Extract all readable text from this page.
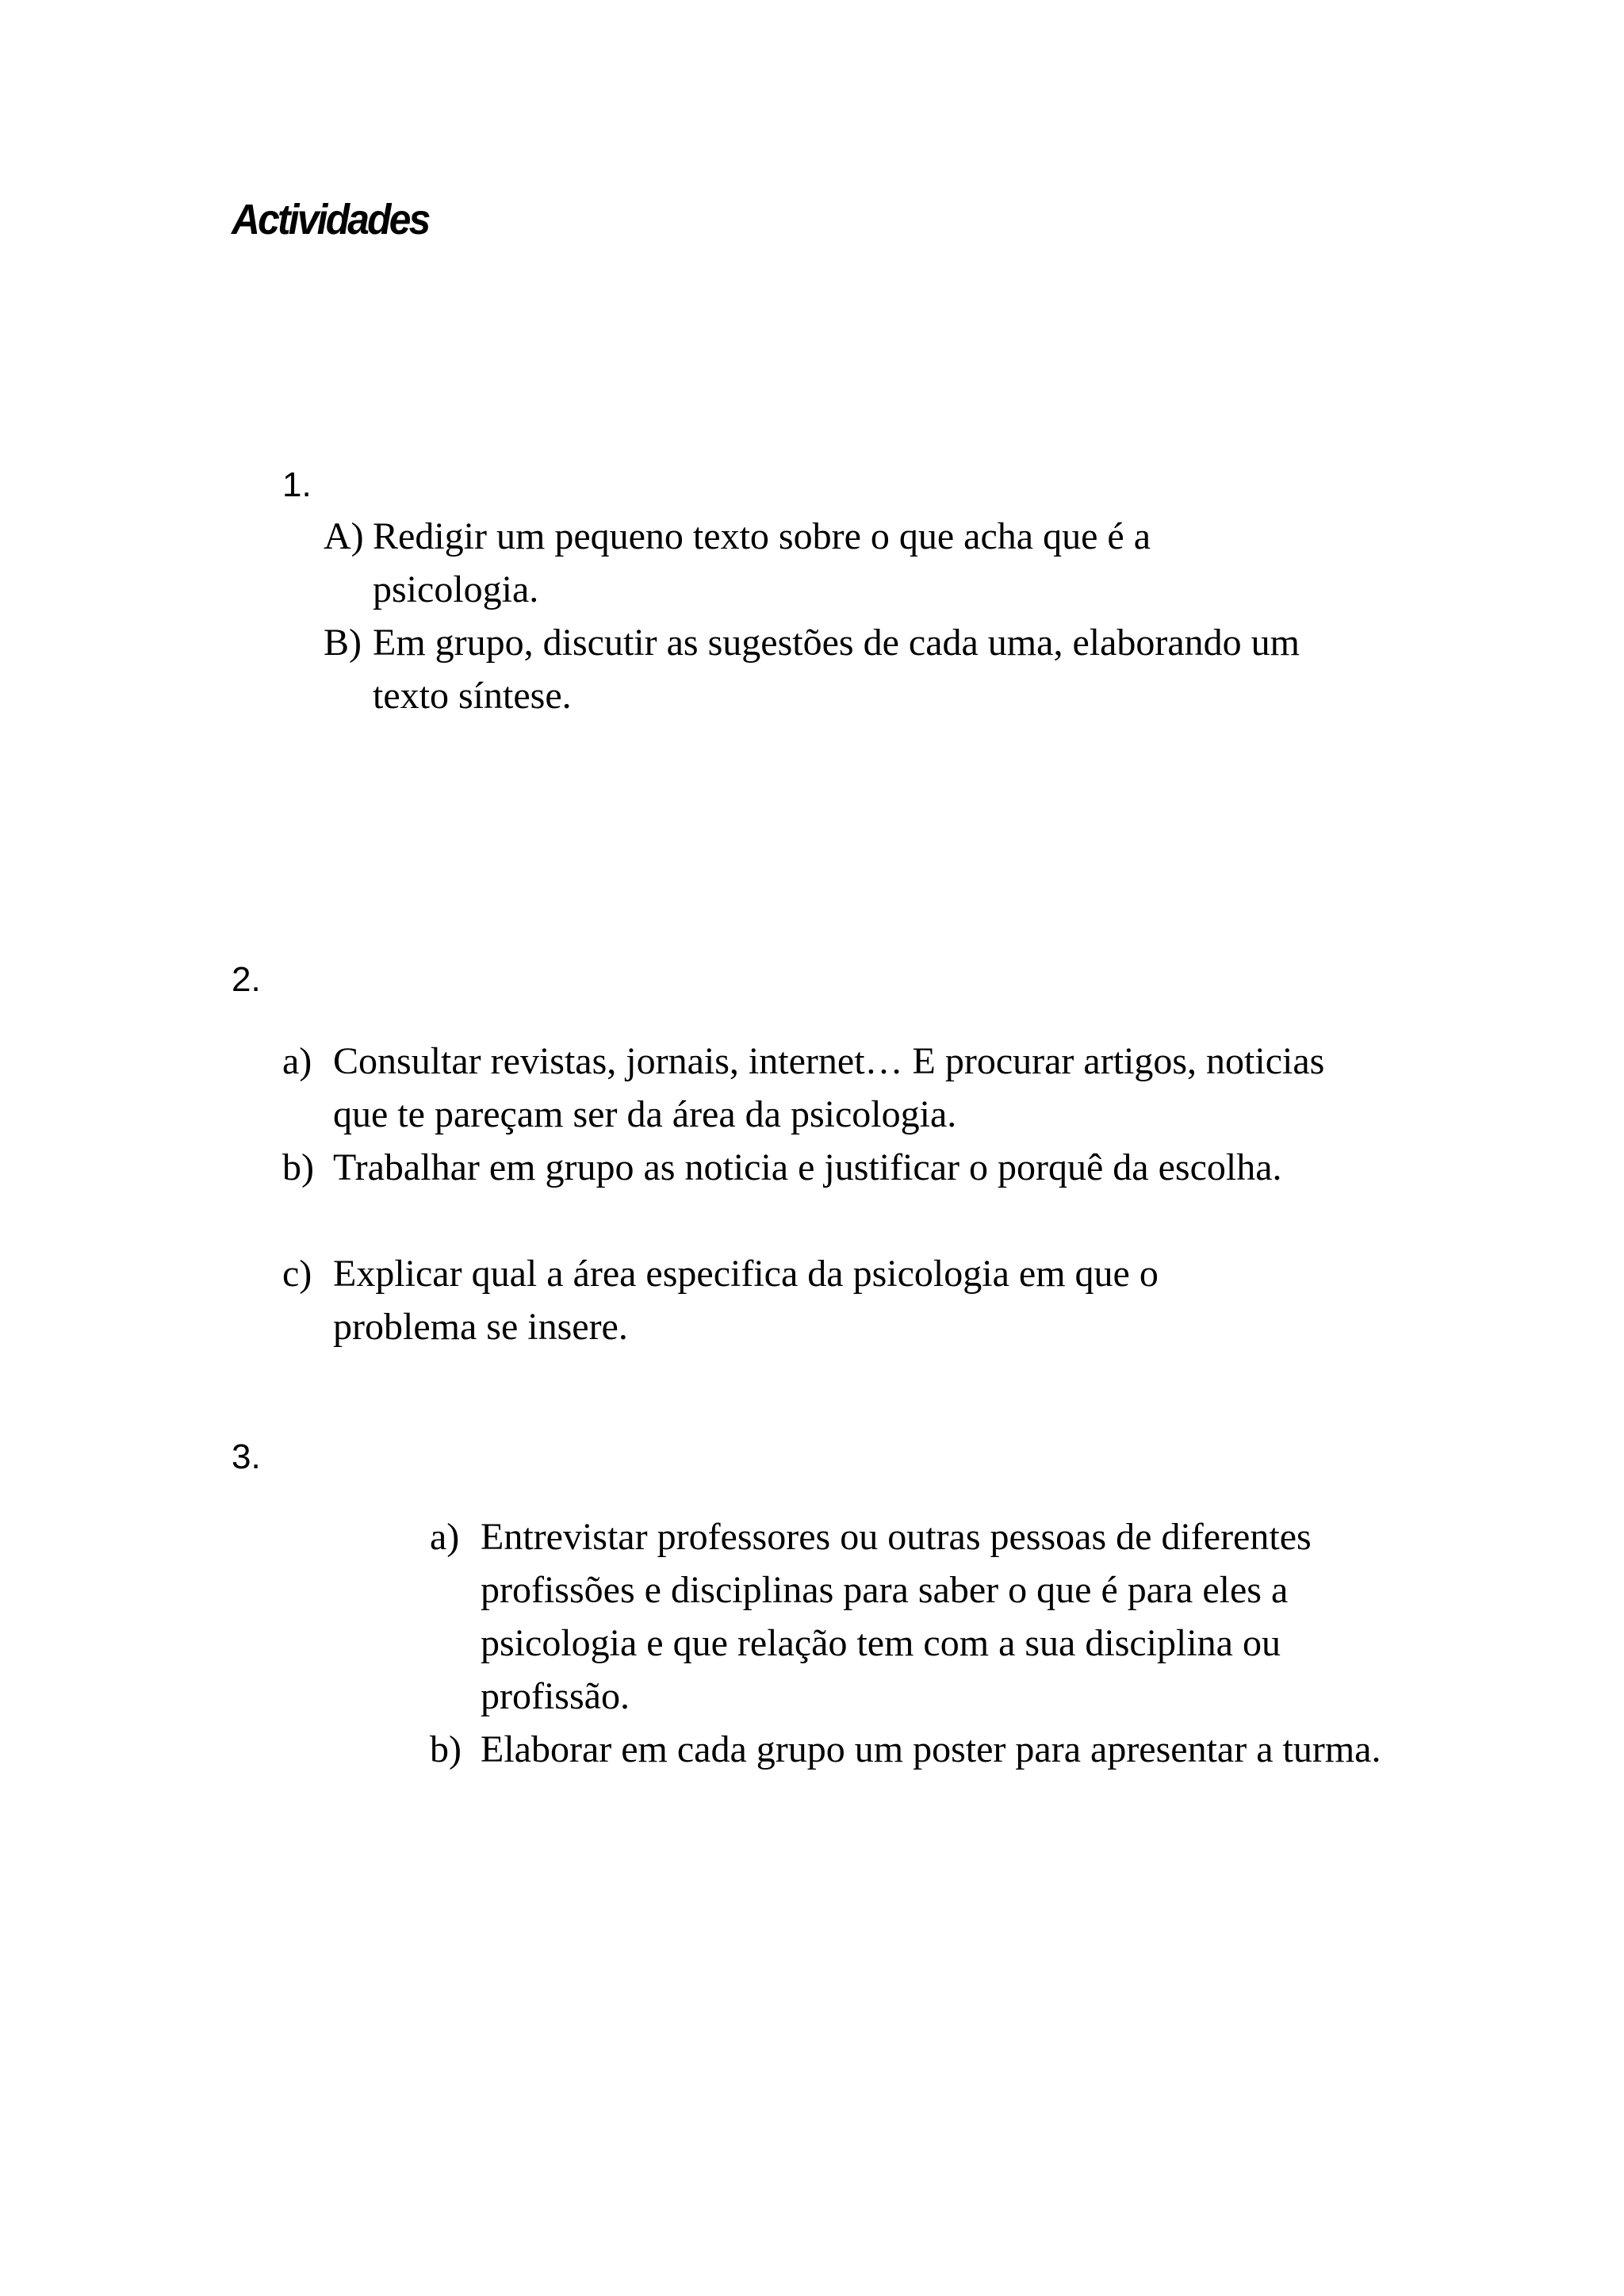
Actividades
1.
A) Redigir um pequeno texto sobre o que acha que é a psicologia.
B) Em grupo, discutir as sugestões de cada uma, elaborando um texto síntese.
2.
a) Consultar revistas, jornais, internet… E procurar artigos, noticias que te pareçam ser da área da psicologia.
b) Trabalhar em grupo as noticia e justificar o porquê da escolha.
c) Explicar qual a área especifica da psicologia em que o problema se insere.
3.
a) Entrevistar professores ou outras pessoas de diferentes profissões e disciplinas para saber o que é para eles a psicologia e que relação tem com a sua disciplina ou profissão.
b) Elaborar em cada grupo um poster para apresentar a turma.
